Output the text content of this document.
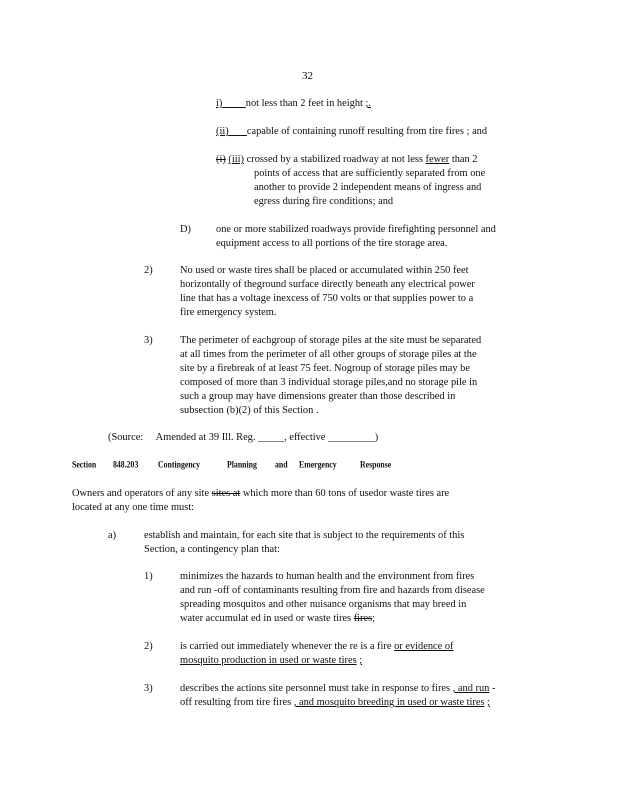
32
i) not less than 2 feet in height ;.
(ii) capable of containing runoff resulting from tire fires ; and
(i) (iii) crossed by a stabilized roadway at not less fewer than 2
points of access that are sufficiently separated from one
another to provide 2 independent means of ingress and
egress during fire conditions; and
D) one or more stabilized roadways provide firefighting personnel and
equipment access to all portions of the tire storage area.
2)	No used or waste tires shall be placed or accumulated within 250 feet
horizontally of theground surface directly beneath any electrical power
line that has a voltage inexcess of 750 volts or that supplies power to a
fire emergency system.
3)	The perimeter of eachgroup of storage piles at the site must be separated
at all times from the perimeter of all other groups of storage piles at the
site by a firebreak of at least 75 feet. Nogroup of storage piles may be
composed of more than 3 individual storage piles,and no storage pile in
such a group may have dimensions greater than those described in
subsection (b)(2) of this Section .
(Source: Amended at 39 Ill. Reg. _____, effective _________)
Section 848.203	Contingency	Planning and Emergency	Response
Owners and operators of any site sites at which more than 60 tons of usedor waste tires are
located at any one time must:
a)	establish and maintain, for each site that is subject to the requirements of this
Section, a contingency plan that:
1)	minimizes the hazards to human health and the environment from fires
and run -off of contaminants resulting from fire and hazards from disease
spreading mosquitos and other nuisance organisms that may breed in
water accumulat ed in used or waste tires fires;
2)	is carried out immediately whenever the re is a fire or evidence of
mosquito production in used or waste tires ;
3)	describes the actions site personnel must take in response to fires , and run -
off resulting from tire fires , and mosquito breeding in used or waste tires ;
